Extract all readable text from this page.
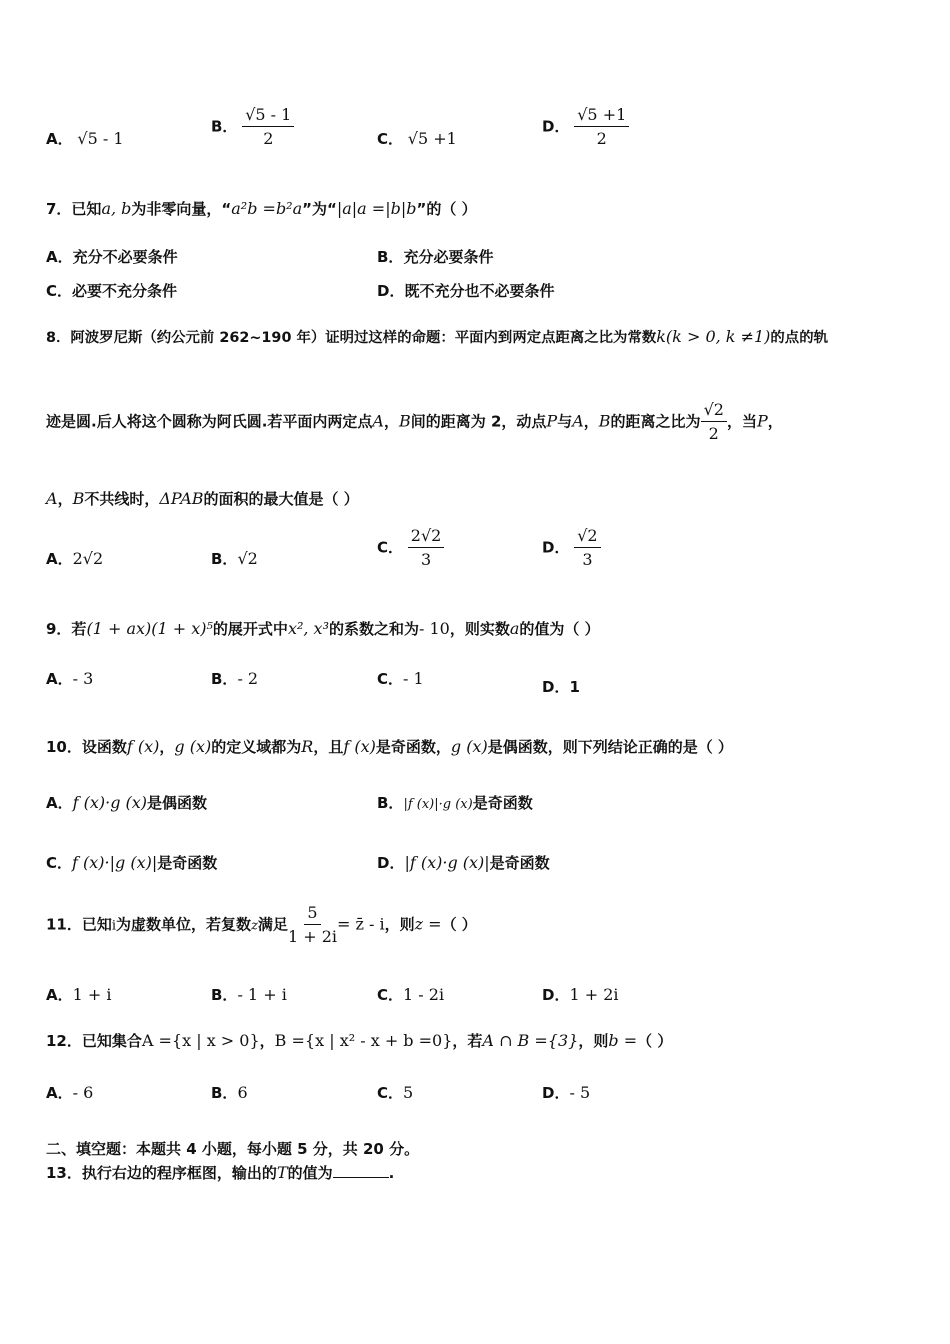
A． √5 - 1
B． $\frac{√5 - 1}{2}$	C． √5 +1
D． $\frac{√5 +1}{2}$
7．已知a, b为非零向量，“a²b =b²a”为“|a|a =|b|b”的（ ）
A．充分不必要条件	B．充分必要条件
C．必要不充分条件	D．既不充分也不必要条件
8．阿波罗尼斯（约公元前 262~190 年）证明过这样的命题：平面内到两定点距离之比为常数k(k > 0, k ≠1)的点的轨
迹是圆.后人将这个圆称为阿氏圆.若平面内两定点A，B间的距离为 2，动点P与A，B的距离之比为 $\frac{√2}{2}$ ，当P，
A，B不共线时，ΔPAB的面积的最大值是（ ）
A．2√2	B．√2
C． $\frac{2√2}{3}$	D． $\frac{√2}{3}$
9．若(1 + ax)(1 + x)⁵的展开式中x², x³的系数之和为- 10，则实数a的值为（ ）
A．- 3	B．- 2	C．- 1	D．1
10．设函数f (x)，g (x)的定义域都为R，且f (x)是奇函数，g (x)是偶函数，则下列结论正确的是（ ）
A．f (x)·g (x)是偶函数	B．|f (x)|·g (x)是奇函数
C．f (x)·|g (x)|是奇函数	D．|f (x)·g (x)|是奇函数
11．已知i为虚数单位，若复数z满足 $\frac{5}{1 + 2i}$ = z̄ - i，则z =（ ）
A．1 + i	B．- 1 + i	C．1 - 2i	D．1 + 2i
12．已知集合A ={x | x > 0}，B ={x | x² - x + b =0}，若A ∩ B ={3}，则b =（ ）
A．- 6	B．6	C．5	D．- 5
二、填空题：本题共 4 小题，每小题 5 分，共 20 分。
13．执行右边的程序框图，输出的T的值为	.
